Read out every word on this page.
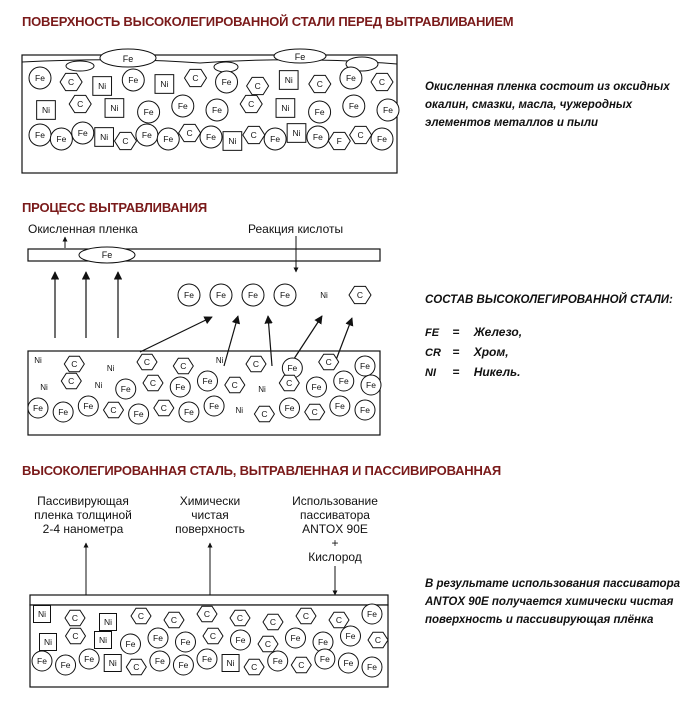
ПОВЕРХНОСТЬ ВЫСОКОЛЕГИРОВАННОЙ СТАЛИ ПЕРЕД ВЫТРАВЛИВАНИЕМ

ПРОЦЕСС ВЫТРАВЛИВАНИЯ

ВЫСОКОЛЕГИРОВАННАЯ СТАЛЬ, ВЫТРАВЛЕННАЯ И ПАССИВИРОВАННАЯ

Окисленная пленка состоит из оксидных
окалин, смазки, масла, чужеродных
элементов металлов и пыли
СОСТАВ ВЫСОКОЛЕГИРОВАННОЙ СТАЛИ:
FE = Железо,
CR = Хром,
NI = Никель.
Окисленная пленка	Реакция кислоты
Пассивирующая
пленка толщиной
2-4 нанометра
Химически
чистая
поверхность
Использование
пассиватора
ANTOX 90E
+
Кислород
В результате использования пассиватора
ANTOX 90E получается химически чистая
поверхность и пассивирующая плёнка
Fe	Fe
Fe	C	Ni
Fe	Ni
C	Fe	C
Ni	C
Fe	C
Ni
C	Ni	Fe
Fe	Fe
C	Ni	Fe
Fe	Fe
Fe Fe
Fe Ni C
Fe Fe
C Fe Ni
C Fe
Ni Fe F
C Fe
Fe
Fe	Fe	Fe	Fe	Ni	C
Ni	C	Ni
C	C
Ni	C	Fe
C	Fe
Ni
C	Ni Fe
C Fe
Fe C	Ni
C Fe
Fe Fe
Fe Fe
Fe C Fe
C Fe
Fe Ni C
Fe C
Fe Fe
Ni	C	Ni
C	C
C	C	C
C	C
Fe
Ni
C Ni Fe
Fe Fe
C Fe C
Fe Fe
Fe C
Fe Fe
Fe Ni C
Fe Fe
Fe Ni C
Fe C
Fe Fe Fe
